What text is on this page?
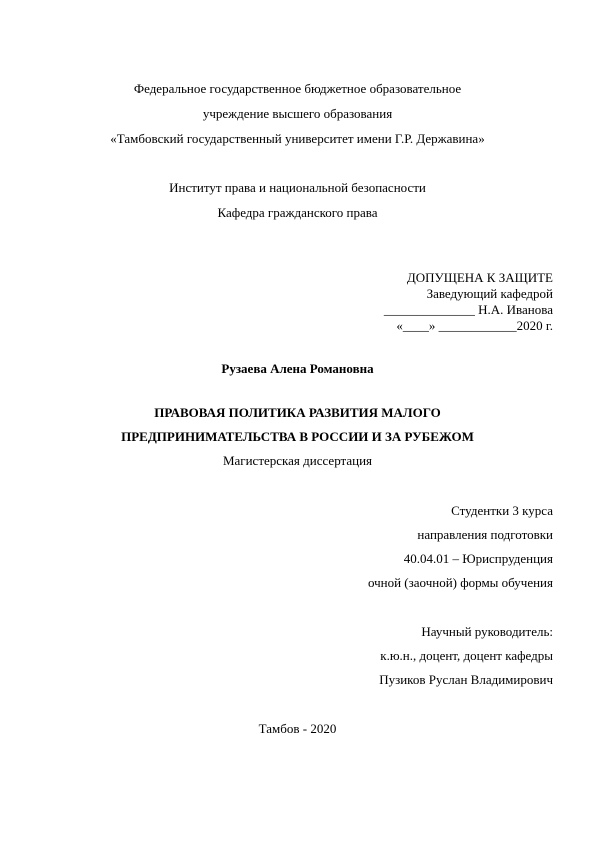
Федеральное государственное бюджетное образовательное
учреждение высшего образования
«Тамбовский государственный университет имени Г.Р. Державина»
Институт права и национальной безопасности
Кафедра гражданского права
ДОПУЩЕНА К ЗАЩИТЕ
Заведующий кафедрой
______________ Н.А. Иванова
«____» ____________2020 г.
Рузаева Алена Романовна
ПРАВОВАЯ ПОЛИТИКА РАЗВИТИЯ МАЛОГО
ПРЕДПРИНИМАТЕЛЬСТВА В РОССИИ И ЗА РУБЕЖОМ
Магистерская диссертация
Студентки 3 курса
направления подготовки
40.04.01 – Юриспруденция
очной (заочной) формы обучения
Научный руководитель:
к.ю.н., доцент, доцент кафедры
Пузиков Руслан Владимирович
Тамбов - 2020
